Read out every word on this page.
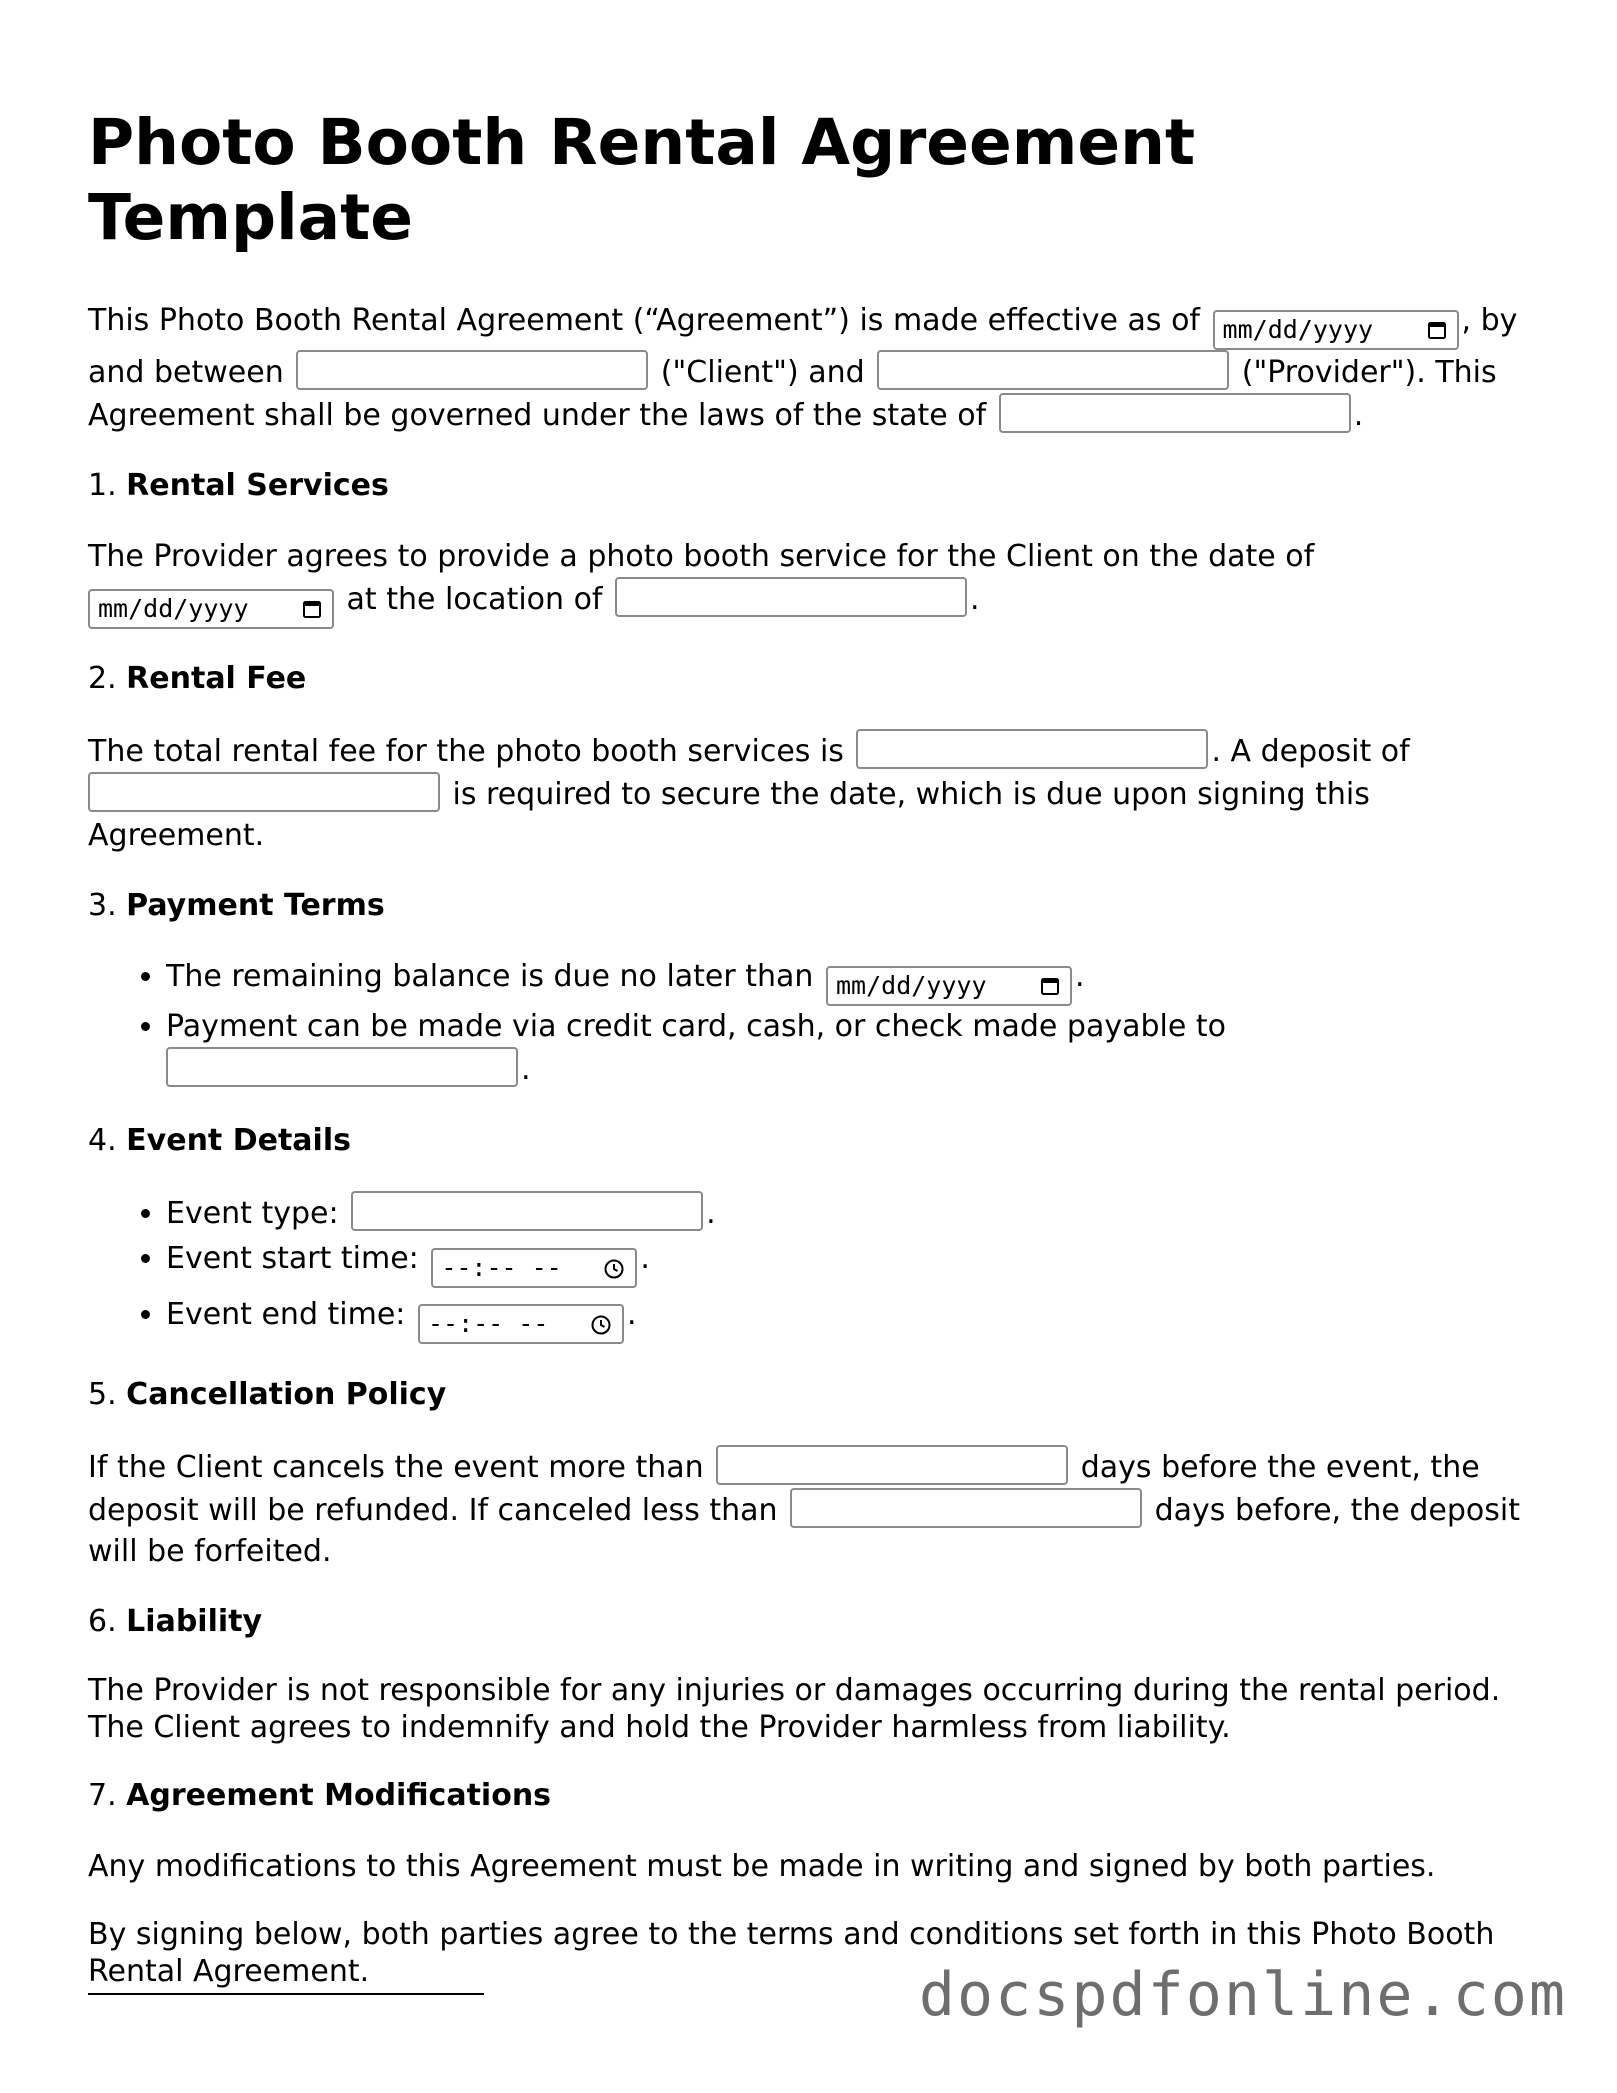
Photo Booth Rental Agreement Template

This Photo Booth Rental Agreement (“Agreement”) is made effective as of mm/dd/yyyy	, by and between	("Client") and	("Provider"). This Agreement shall be governed under the laws of the state of	.

1. Rental Services

The Provider agrees to provide a photo booth service for the Client on the date of mm/dd/yyyy	at the location of	.

2. Rental Fee

The total rental fee for the photo booth services is	. A deposit of  is required to secure the date, which is due upon signing this Agreement.

3. Payment Terms

• The remaining balance is due no later than mm/dd/yyyy	.
• Payment can be made via credit card, cash, or check made payable to .

4. Event Details

• Event type:	.
• Event start time: --:-- --	.
• Event end time: --:-- --	.

5. Cancellation Policy

If the Client cancels the event more than	days before the event, the deposit will be refunded. If canceled less than	days before, the deposit will be forfeited.

6. Liability

The Provider is not responsible for any injuries or damages occurring during the rental period. The Client agrees to indemnify and hold the Provider harmless from liability.

7. Agreement Modifications

Any modifications to this Agreement must be made in writing and signed by both parties.

By signing below, both parties agree to the terms and conditions set forth in this Photo Booth Rental Agreement.	docspdfonline.com
